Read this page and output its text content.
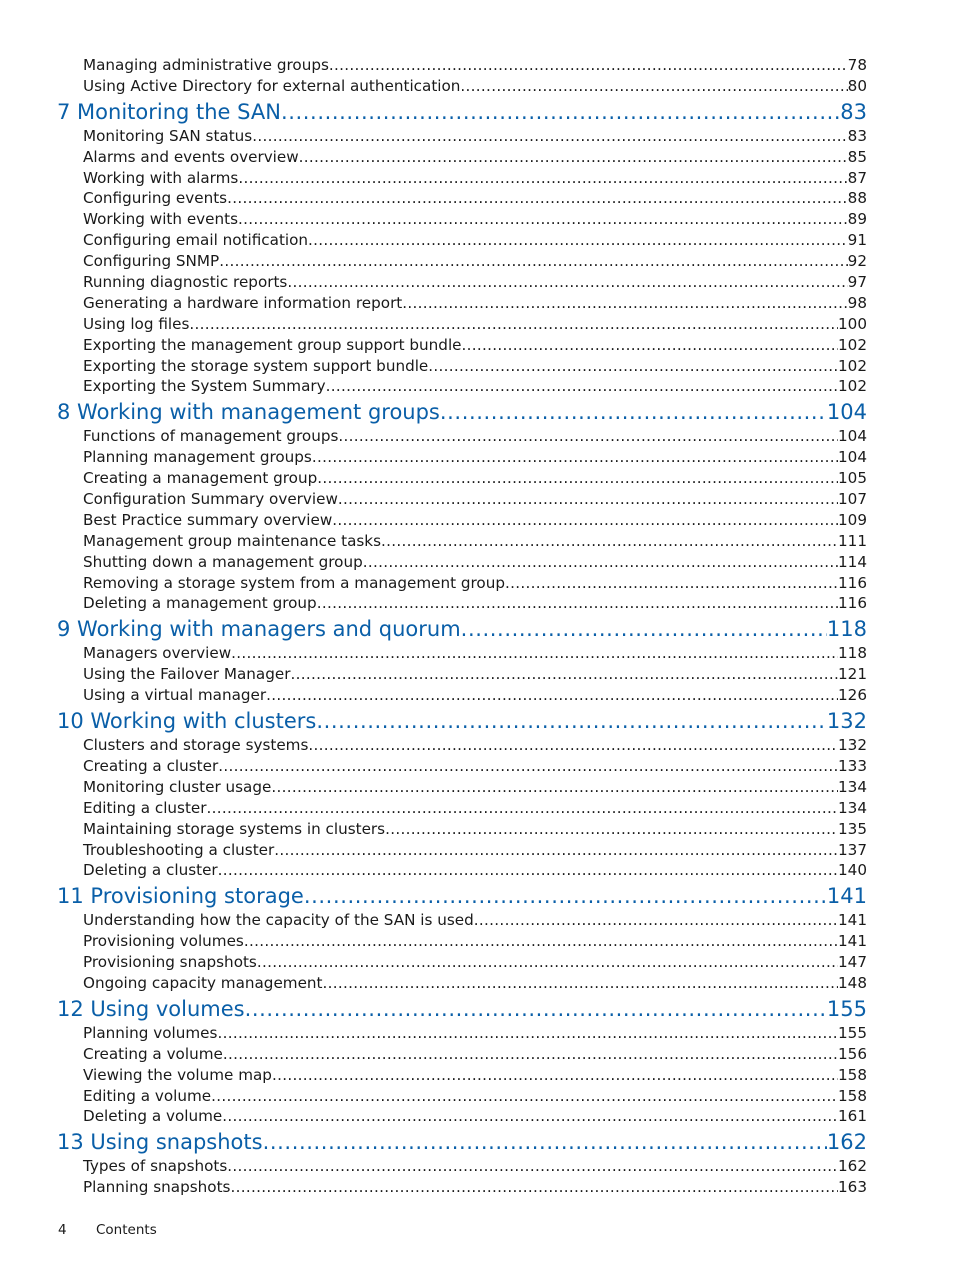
Managing administrative groups .....	78
Using Active Directory for external authentication .....	80
7 Monitoring the SAN .....	83
Monitoring SAN status .....	83
Alarms and events overview .....	85
Working with alarms .....	87
Configuring events .....	88
Working with events .....	89
Configuring email notification .....	91
Configuring SNMP .....	92
Running diagnostic reports .....	97
Generating a hardware information report .....	98
Using log files .....	100
Exporting the management group support bundle .....	102
Exporting the storage system support bundle .....	102
Exporting the System Summary .....	102
8 Working with management groups .....	104
Functions of management groups .....	104
Planning management groups .....	104
Creating a management group .....	105
Configuration Summary overview .....	107
Best Practice summary overview .....	109
Management group maintenance tasks .....	111
Shutting down a management group .....	114
Removing a storage system from a management group .....	116
Deleting a management group .....	116
9 Working with managers and quorum .....	118
Managers overview .....	118
Using the Failover Manager .....	121
Using a virtual manager .....	126
10 Working with clusters .....	132
Clusters and storage systems .....	132
Creating a cluster .....	133
Monitoring cluster usage .....	134
Editing a cluster .....	134
Maintaining storage systems in clusters .....	135
Troubleshooting a cluster .....	137
Deleting a cluster .....	140
11 Provisioning storage .....	141
Understanding how the capacity of the SAN is used .....	141
Provisioning volumes .....	141
Provisioning snapshots .....	147
Ongoing capacity management .....	148
12 Using volumes .....	155
Planning volumes .....	155
Creating a volume .....	156
Viewing the volume map .....	158
Editing a volume .....	158
Deleting a volume .....	161
13 Using snapshots .....	162
Types of snapshots .....	162
Planning snapshots .....	163
4 Contents
